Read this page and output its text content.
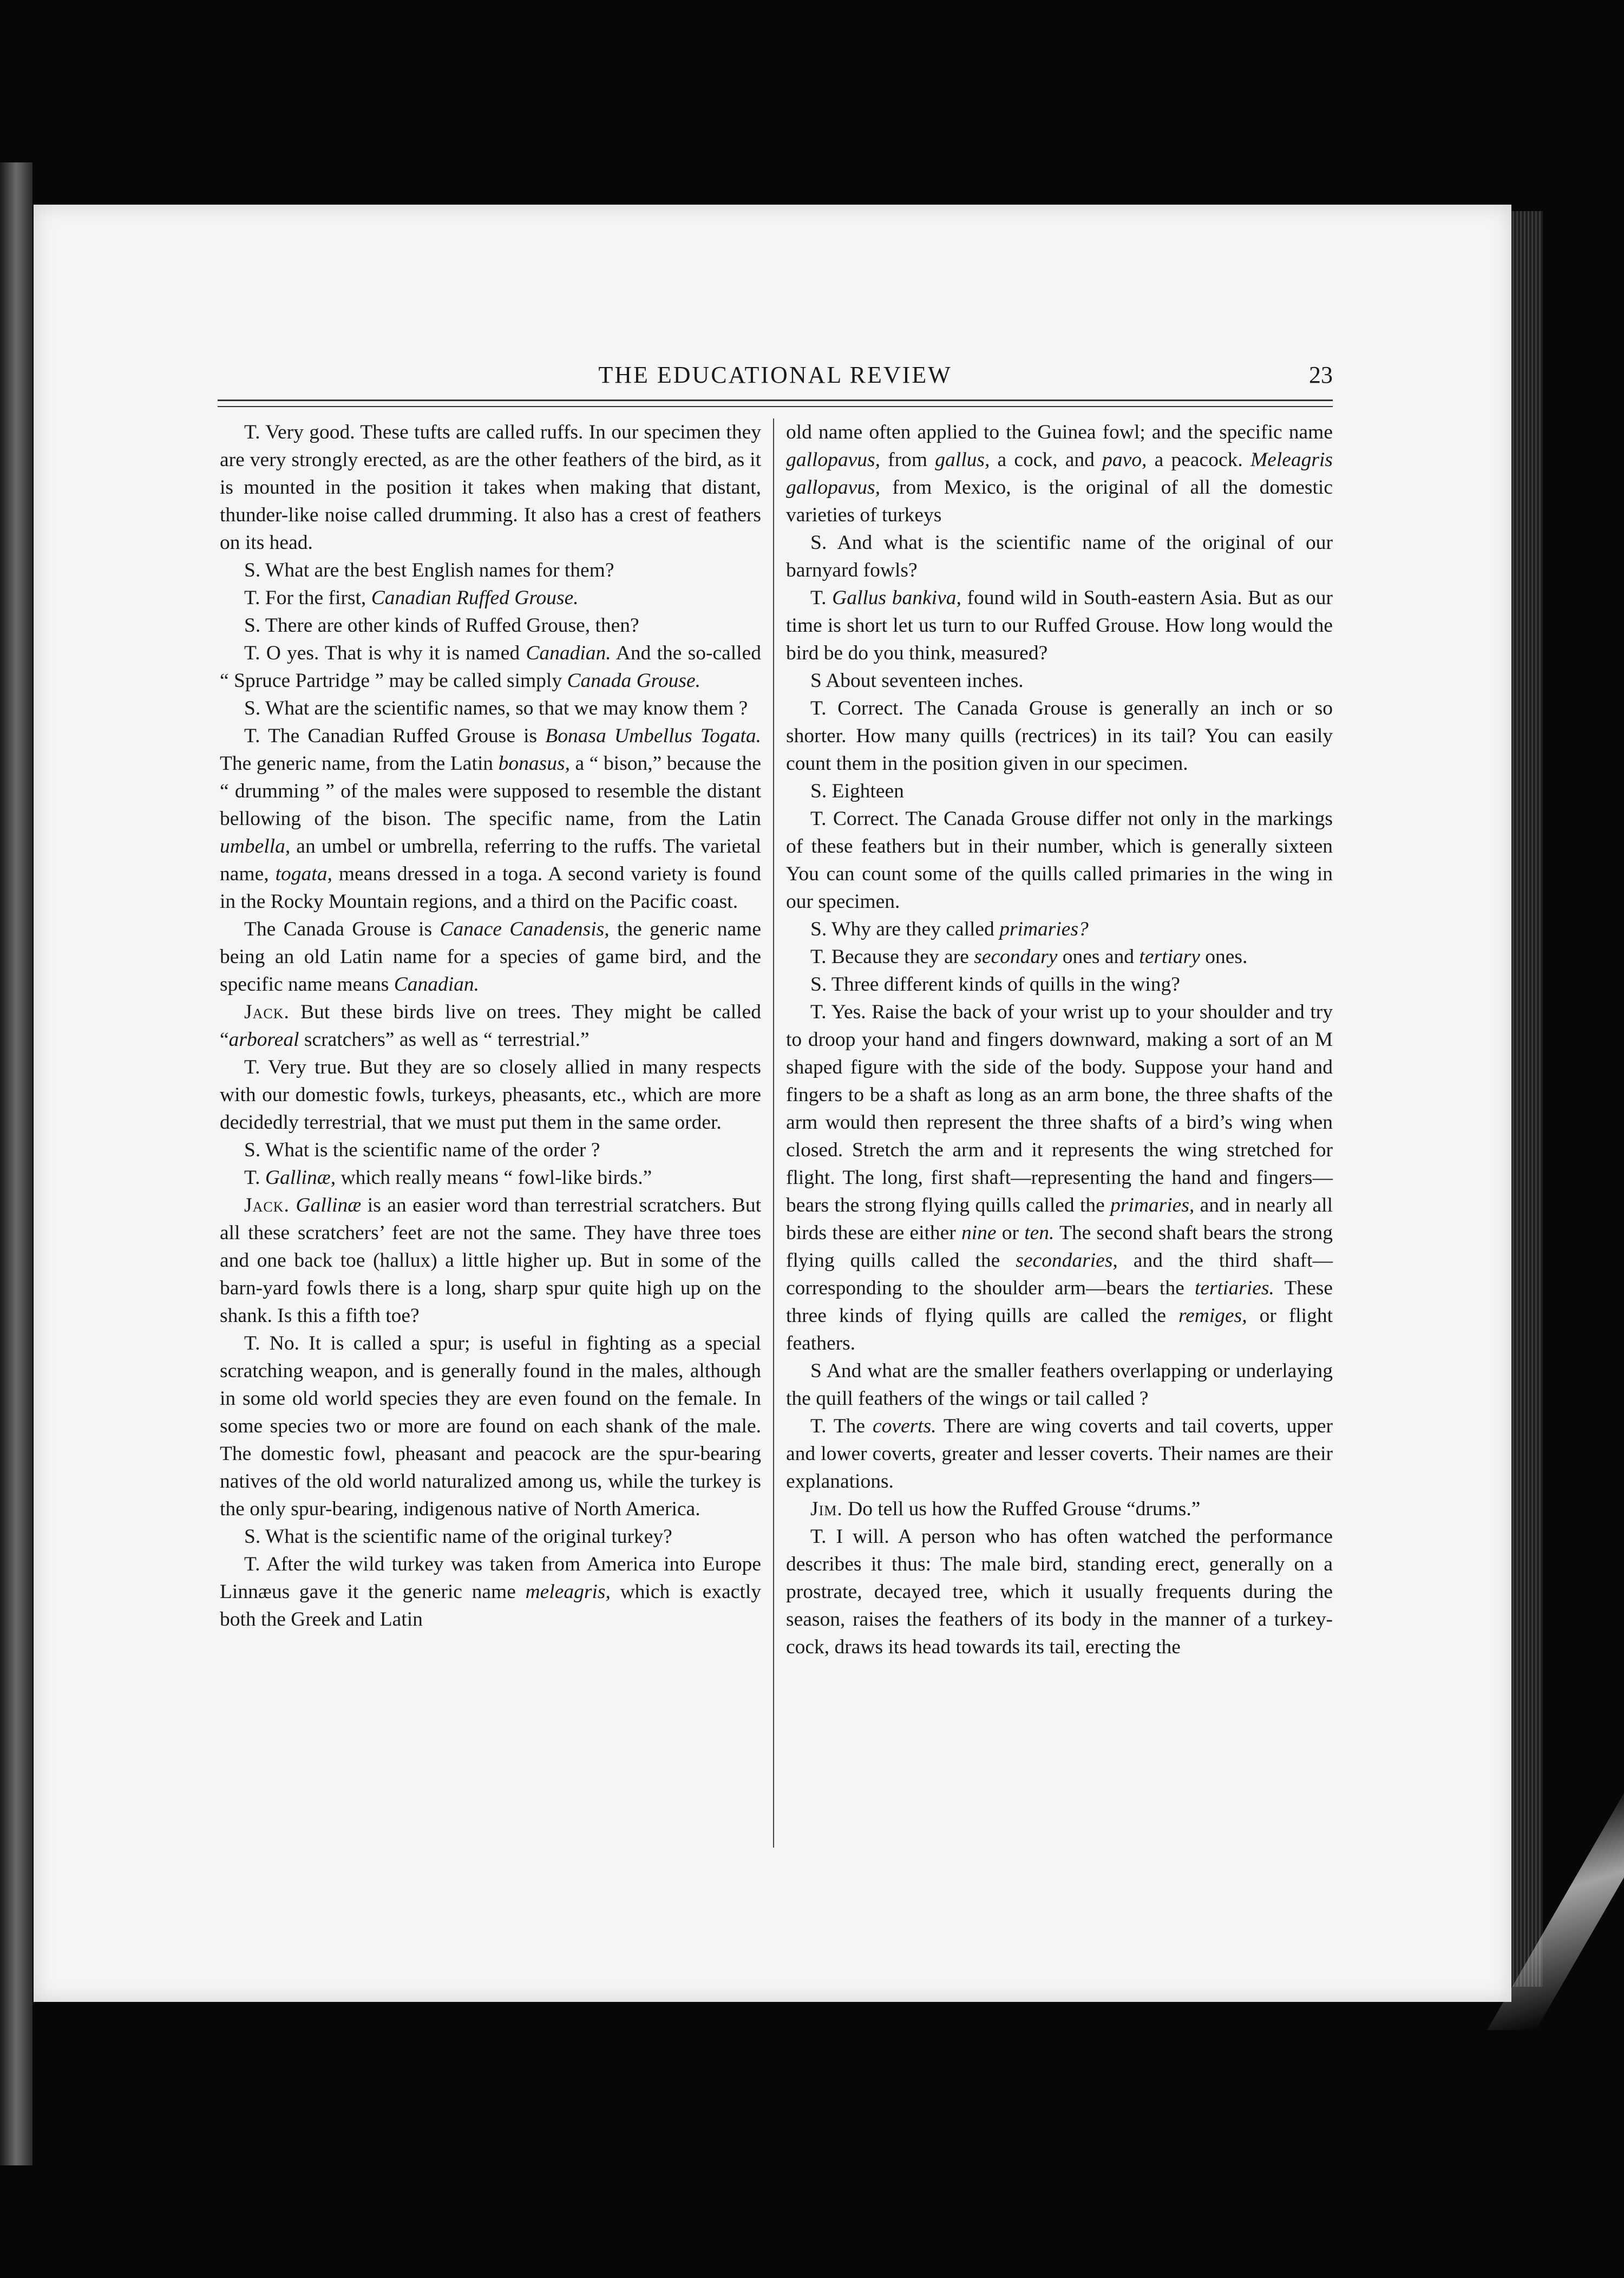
THE EDUCATIONAL REVIEW	23

T. Very good. These tufts are called ruffs. In our specimen they are very strongly erected, as are the other feathers of the bird, as it is mounted in the position it takes when making that distant, thunder-like noise called drumming. It also has a crest of feathers on its head.

S. What are the best English names for them?

T. For the first, Canadian Ruffed Grouse.

S. There are other kinds of Ruffed Grouse, then?

T. O yes. That is why it is named Canadian. And the so-called “ Spruce Partridge ” may be called simply Canada Grouse.

S. What are the scientific names, so that we may know them ?

T. The Canadian Ruffed Grouse is Bonasa Umbellus Togata. The generic name, from the Latin bonasus, a “ bison,” because the “ drumming ” of the males were supposed to resemble the distant bellowing of the bison. The specific name, from the Latin umbella, an umbel or umbrella, referring to the ruffs. The varietal name, togata, means dressed in a toga. A second variety is found in the Rocky Mountain regions, and a third on the Pacific coast.

The Canada Grouse is Canace Canadensis, the generic name being an old Latin name for a species of game bird, and the specific name means Canadian.

Jack. But these birds live on trees. They might be called “arboreal scratchers” as well as “ terrestrial.”

T. Very true. But they are so closely allied in many respects with our domestic fowls, turkeys, pheasants, etc., which are more decidedly terrestrial, that we must put them in the same order.

S. What is the scientific name of the order ?

T. Gallinæ, which really means “ fowl-like birds.”

Jack. Gallinæ is an easier word than terrestrial scratchers. But all these scratchers’ feet are not the same. They have three toes and one back toe (hallux) a little higher up. But in some of the barn-yard fowls there is a long, sharp spur quite high up on the shank. Is this a fifth toe?

T. No. It is called a spur; is useful in fighting as a special scratching weapon, and is generally found in the males, although in some old world species they are even found on the female. In some species two or more are found on each shank of the male. The domestic fowl, pheasant and peacock are the spur-bearing natives of the old world naturalized among us, while the turkey is the only spur-bearing, indigenous native of North America.

S. What is the scientific name of the original turkey?

T. After the wild turkey was taken from America into Europe Linnæus gave it the generic name meleagris, which is exactly both the Greek and Latin

old name often applied to the Guinea fowl; and the specific name gallopavus, from gallus, a cock, and pavo, a peacock. Meleagris gallopavus, from Mexico, is the original of all the domestic varieties of turkeys

S. And what is the scientific name of the original of our barnyard fowls?

T. Gallus bankiva, found wild in South-eastern Asia. But as our time is short let us turn to our Ruffed Grouse. How long would the bird be do you think, measured?

S About seventeen inches.

T. Correct. The Canada Grouse is generally an inch or so shorter. How many quills (rectrices) in its tail? You can easily count them in the position given in our specimen.

S. Eighteen

T. Correct. The Canada Grouse differ not only in the markings of these feathers but in their number, which is generally sixteen You can count some of the quills called primaries in the wing in our specimen.

S. Why are they called primaries?

T. Because they are secondary ones and tertiary ones.

S. Three different kinds of quills in the wing?

T. Yes. Raise the back of your wrist up to your shoulder and try to droop your hand and fingers downward, making a sort of an M shaped figure with the side of the body. Suppose your hand and fingers to be a shaft as long as an arm bone, the three shafts of the arm would then represent the three shafts of a bird’s wing when closed. Stretch the arm and it represents the wing stretched for flight. The long, first shaft—representing the hand and fingers—bears the strong flying quills called the primaries, and in nearly all birds these are either nine or ten. The second shaft bears the strong flying quills called the secondaries, and the third shaft—corresponding to the shoulder arm—bears the tertiaries. These three kinds of flying quills are called the remiges, or flight feathers.

S And what are the smaller feathers overlapping or underlaying the quill feathers of the wings or tail called ?

T. The coverts. There are wing coverts and tail coverts, upper and lower coverts, greater and lesser coverts. Their names are their explanations.

Jim. Do tell us how the Ruffed Grouse “drums.”

T. I will. A person who has often watched the performance describes it thus: The male bird, standing erect, generally on a prostrate, decayed tree, which it usually frequents during the season, raises the feathers of its body in the manner of a turkey-cock, draws its head towards its tail, erecting the
